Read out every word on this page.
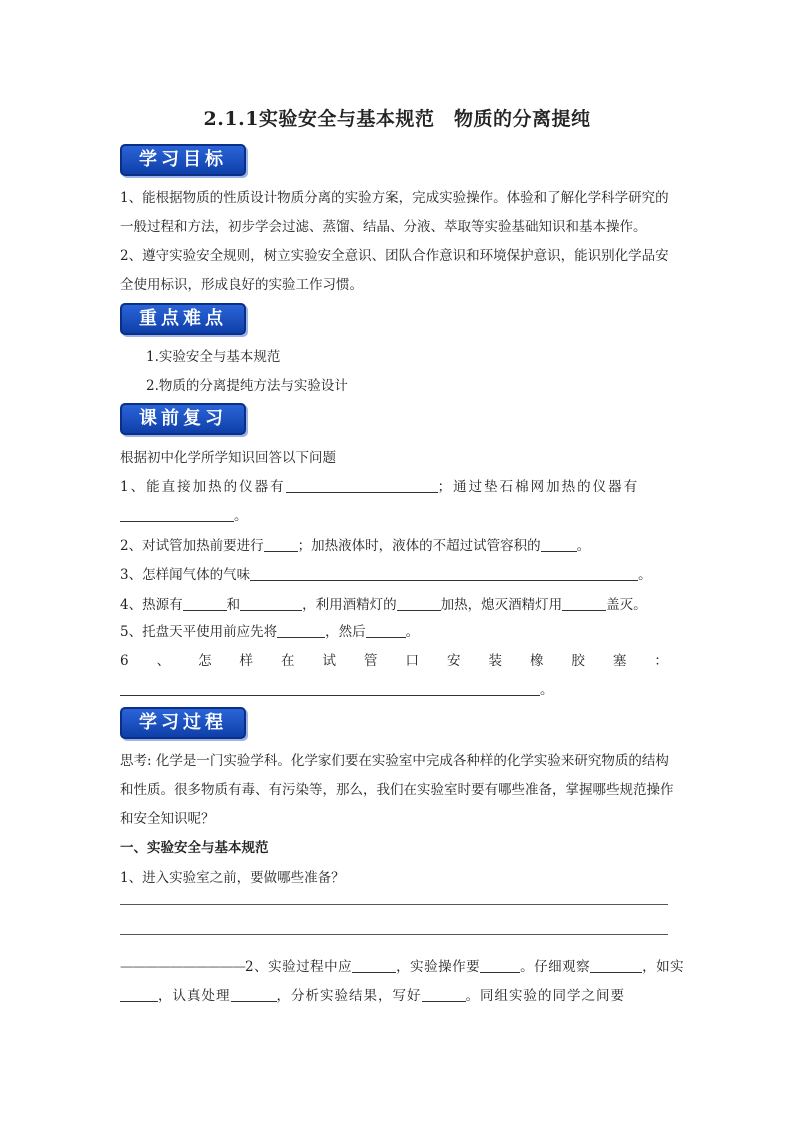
2.1.1实验安全与基本规范　物质的分离提纯
学习目标
1、能根据物质的性质设计物质分离的实验方案，完成实验操作。体验和了解化学科学研究的一般过程和方法，初步学会过滤、蒸馏、结晶、分液、萃取等实验基础知识和基本操作。
2、遵守实验安全规则，树立实验安全意识、团队合作意识和环境保护意识，能识别化学品安全使用标识，形成良好的实验工作习惯。
重点难点
1.实验安全与基本规范
2.物质的分离提纯方法与实验设计
课前复习
根据初中化学所学知识回答以下问题
1、能直接加热的仪器有	；通过垫石棉网加热的仪器有
。
2、对试管加热前要进行	；加热液体时，液体的不超过试管容积的	。
3、怎样闻气体的气味	。
4、热源有	和	，利用酒精灯的	加热，熄灭酒精灯用	盖灭。
5、托盘天平使用前应先将	，然后	。
6 、 怎 样 在 试 管 口 安 装 橡 胶 塞 ：
。
学习过程
思考: 化学是一门实验学科。化学家们要在实验室中完成各种样的化学实验来研究物质的结构和性质。很多物质有毒、有污染等，那么，我们在实验室时要有哪些准备，掌握哪些规范操作和安全知识呢？
一、实验安全与基本规范
1、进入实验室之前，要做哪些准备？
——————————2、实验过程中应	，实验操作要	。仔细观察	，如实
，认真处理	，分析实验结果，写好	。同组实验的同学之间要
